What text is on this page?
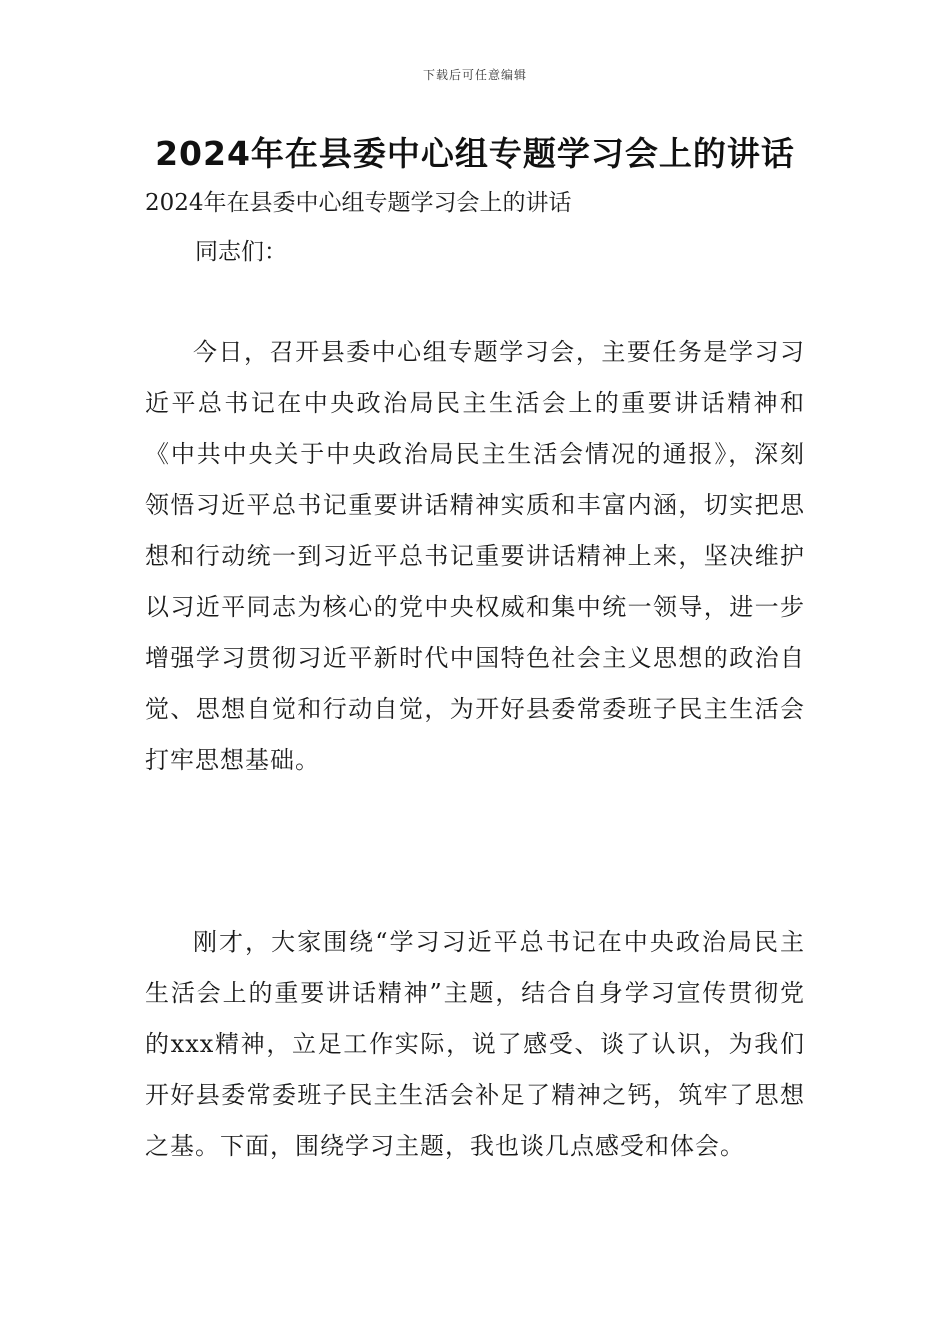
下载后可任意编辑
2024年在县委中心组专题学习会上的讲话
2024年在县委中心组专题学习会上的讲话
同志们：

今日，召开县委中心组专题学习会，主要任务是学习习近平总书记在中央政治局民主生活会上的重要讲话精神和《中共中央关于中央政治局民主生活会情况的通报》，深刻领悟习近平总书记重要讲话精神实质和丰富内涵，切实把思想和行动统一到习近平总书记重要讲话精神上来，坚决维护以习近平同志为核心的党中央权威和集中统一领导，进一步增强学习贯彻习近平新时代中国特色社会主义思想的政治自觉、思想自觉和行动自觉，为开好县委常委班子民主生活会打牢思想基础。

刚才，大家围绕“学习习近平总书记在中央政治局民主生活会上的重要讲话精神”主题，结合自身学习宣传贯彻党的xxx精神，立足工作实际，说了感受、谈了认识，为我们开好县委常委班子民主生活会补足了精神之钙，筑牢了思想之基。下面，围绕学习主题，我也谈几点感受和体会。
